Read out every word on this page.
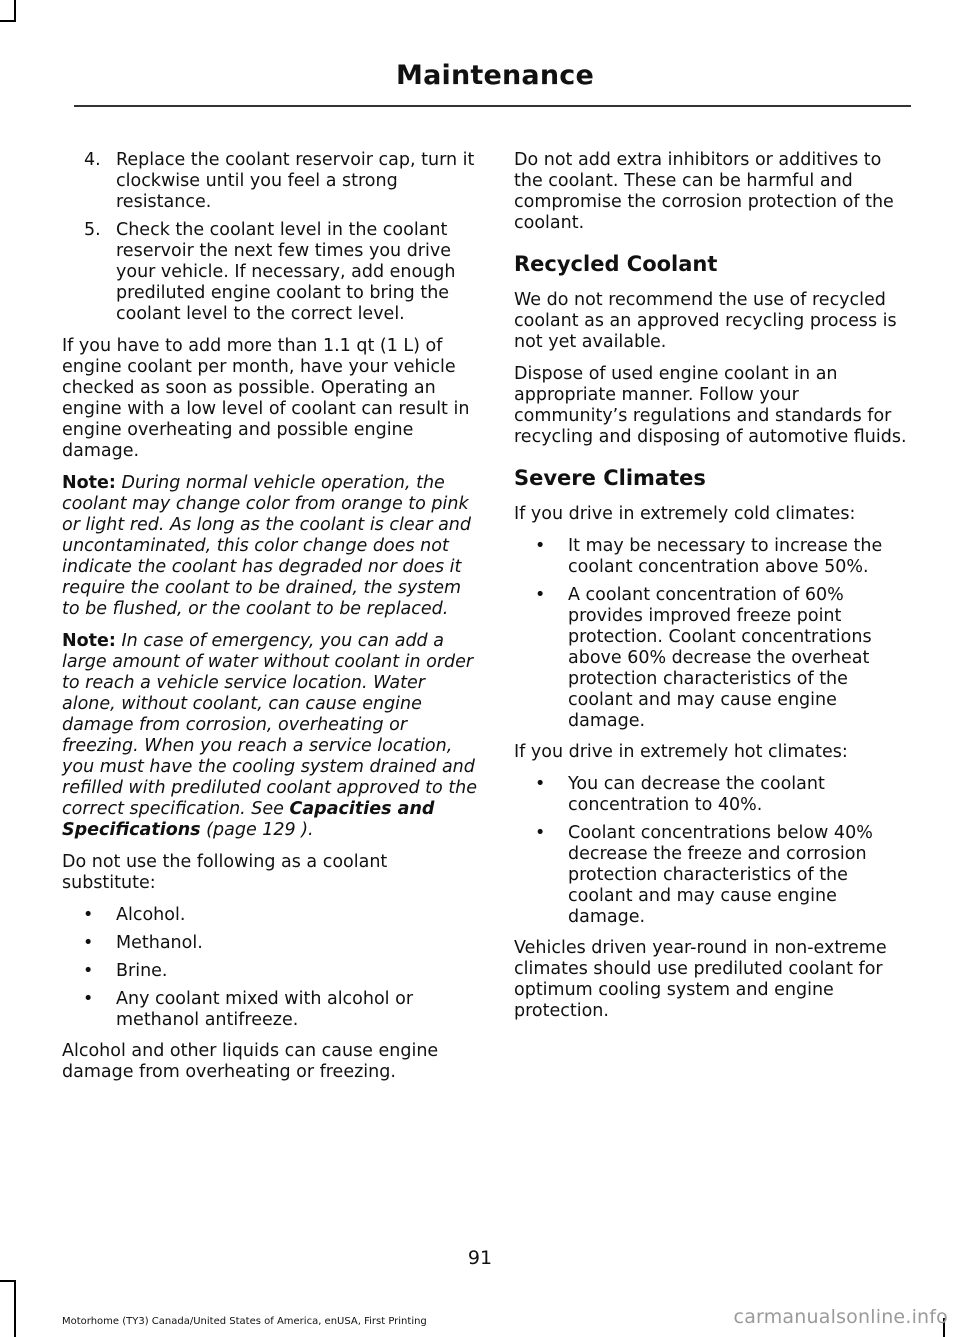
Maintenance
4. Replace the coolant reservoir cap, turn it clockwise until you feel a strong resistance.
5. Check the coolant level in the coolant reservoir the next few times you drive your vehicle. If necessary, add enough prediluted engine coolant to bring the coolant level to the correct level.

If you have to add more than 1.1 qt (1 L) of engine coolant per month, have your vehicle checked as soon as possible. Operating an engine with a low level of coolant can result in engine overheating and possible engine damage.

Note: During normal vehicle operation, the coolant may change color from orange to pink or light red. As long as the coolant is clear and uncontaminated, this color change does not indicate the coolant has degraded nor does it require the coolant to be drained, the system to be flushed, or the coolant to be replaced.

Note: In case of emergency, you can add a large amount of water without coolant in order to reach a vehicle service location. Water alone, without coolant, can cause engine damage from corrosion, overheating or freezing. When you reach a service location, you must have the cooling system drained and refilled with prediluted coolant approved to the correct specification. See Capacities and Specifications (page 129 ).

Do not use the following as a coolant substitute:

• Alcohol.
• Methanol.
• Brine.
• Any coolant mixed with alcohol or methanol antifreeze.

Alcohol and other liquids can cause engine damage from overheating or freezing.

Do not add extra inhibitors or additives to the coolant. These can be harmful and compromise the corrosion protection of the coolant.

Recycled Coolant

We do not recommend the use of recycled coolant as an approved recycling process is not yet available.

Dispose of used engine coolant in an appropriate manner. Follow your community’s regulations and standards for recycling and disposing of automotive fluids.

Severe Climates

If you drive in extremely cold climates:

• It may be necessary to increase the coolant concentration above 50%.
• A coolant concentration of 60% provides improved freeze point protection. Coolant concentrations above 60% decrease the overheat protection characteristics of the coolant and may cause engine damage.

If you drive in extremely hot climates:

• You can decrease the coolant concentration to 40%.
• Coolant concentrations below 40% decrease the freeze and corrosion protection characteristics of the coolant and may cause engine damage.

Vehicles driven year-round in non-extreme climates should use prediluted coolant for optimum cooling system and engine protection.

91
Motorhome (TY3) Canada/United States of America, enUSA, First Printing	carmanualsonline.info
